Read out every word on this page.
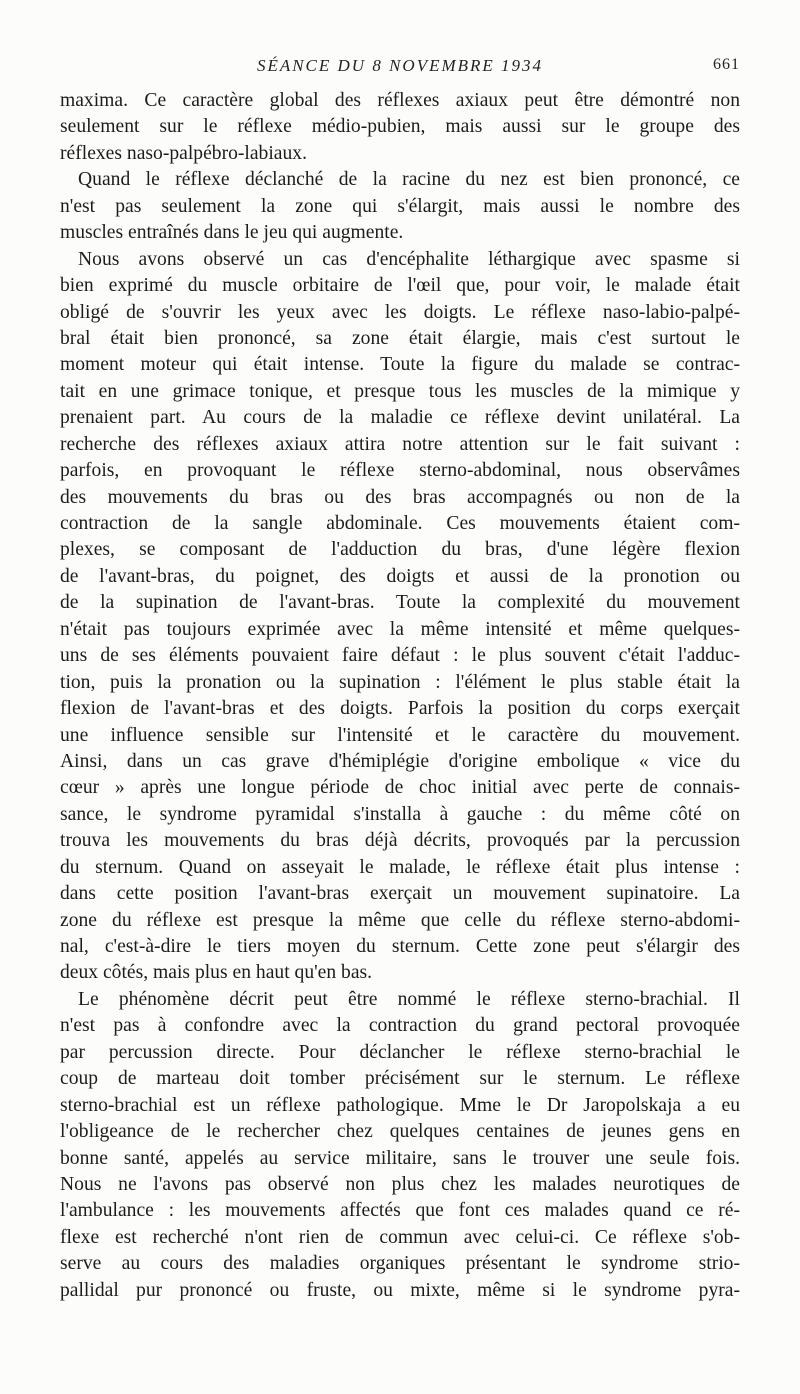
SÉANCE DU 8 NOVEMBRE 1934	661
maxima. Ce caractère global des réflexes axiaux peut être démontré non
seulement sur le réflexe médio-pubien, mais aussi sur le groupe des
réflexes naso-palpébro-labiaux.
Quand le réflexe déclanché de la racine du nez est bien prononcé, ce
n'est pas seulement la zone qui s'élargit, mais aussi le nombre des
muscles entraînés dans le jeu qui augmente.
Nous avons observé un cas d'encéphalite léthargique avec spasme si
bien exprimé du muscle orbitaire de l'œil que, pour voir, le malade était
obligé de s'ouvrir les yeux avec les doigts. Le réflexe naso-labio-palpé-
bral était bien prononcé, sa zone était élargie, mais c'est surtout le
moment moteur qui était intense. Toute la figure du malade se contrac-
tait en une grimace tonique, et presque tous les muscles de la mimique y
prenaient part. Au cours de la maladie ce réflexe devint unilatéral. La
recherche des réflexes axiaux attira notre attention sur le fait suivant :
parfois, en provoquant le réflexe sterno-abdominal, nous observâmes
des mouvements du bras ou des bras accompagnés ou non de la
contraction de la sangle abdominale. Ces mouvements étaient com-
plexes, se composant de l'adduction du bras, d'une légère flexion
de l'avant-bras, du poignet, des doigts et aussi de la pronotion ou
de la supination de l'avant-bras. Toute la complexité du mouvement
n'était pas toujours exprimée avec la même intensité et même quelques-
uns de ses éléments pouvaient faire défaut : le plus souvent c'était l'adduc-
tion, puis la pronation ou la supination : l'élément le plus stable était la
flexion de l'avant-bras et des doigts. Parfois la position du corps exerçait
une influence sensible sur l'intensité et le caractère du mouvement.
Ainsi, dans un cas grave d'hémiplégie d'origine embolique « vice du
cœur » après une longue période de choc initial avec perte de connais-
sance, le syndrome pyramidal s'installa à gauche : du même côté on
trouva les mouvements du bras déjà décrits, provoqués par la percussion
du sternum. Quand on asseyait le malade, le réflexe était plus intense :
dans cette position l'avant-bras exerçait un mouvement supinatoire. La
zone du réflexe est presque la même que celle du réflexe sterno-abdomi-
nal, c'est-à-dire le tiers moyen du sternum. Cette zone peut s'élargir des
deux côtés, mais plus en haut qu'en bas.
Le phénomène décrit peut être nommé le réflexe sterno-brachial. Il
n'est pas à confondre avec la contraction du grand pectoral provoquée
par percussion directe. Pour déclancher le réflexe sterno-brachial le
coup de marteau doit tomber précisément sur le sternum. Le réflexe
sterno-brachial est un réflexe pathologique. Mme le Dr Jaropolskaja a eu
l'obligeance de le rechercher chez quelques centaines de jeunes gens en
bonne santé, appelés au service militaire, sans le trouver une seule fois.
Nous ne l'avons pas observé non plus chez les malades neurotiques de
l'ambulance : les mouvements affectés que font ces malades quand ce ré-
flexe est recherché n'ont rien de commun avec celui-ci. Ce réflexe s'ob-
serve au cours des maladies organiques présentant le syndrome strio-
pallidal pur prononcé ou fruste, ou mixte, même si le syndrome pyra-
